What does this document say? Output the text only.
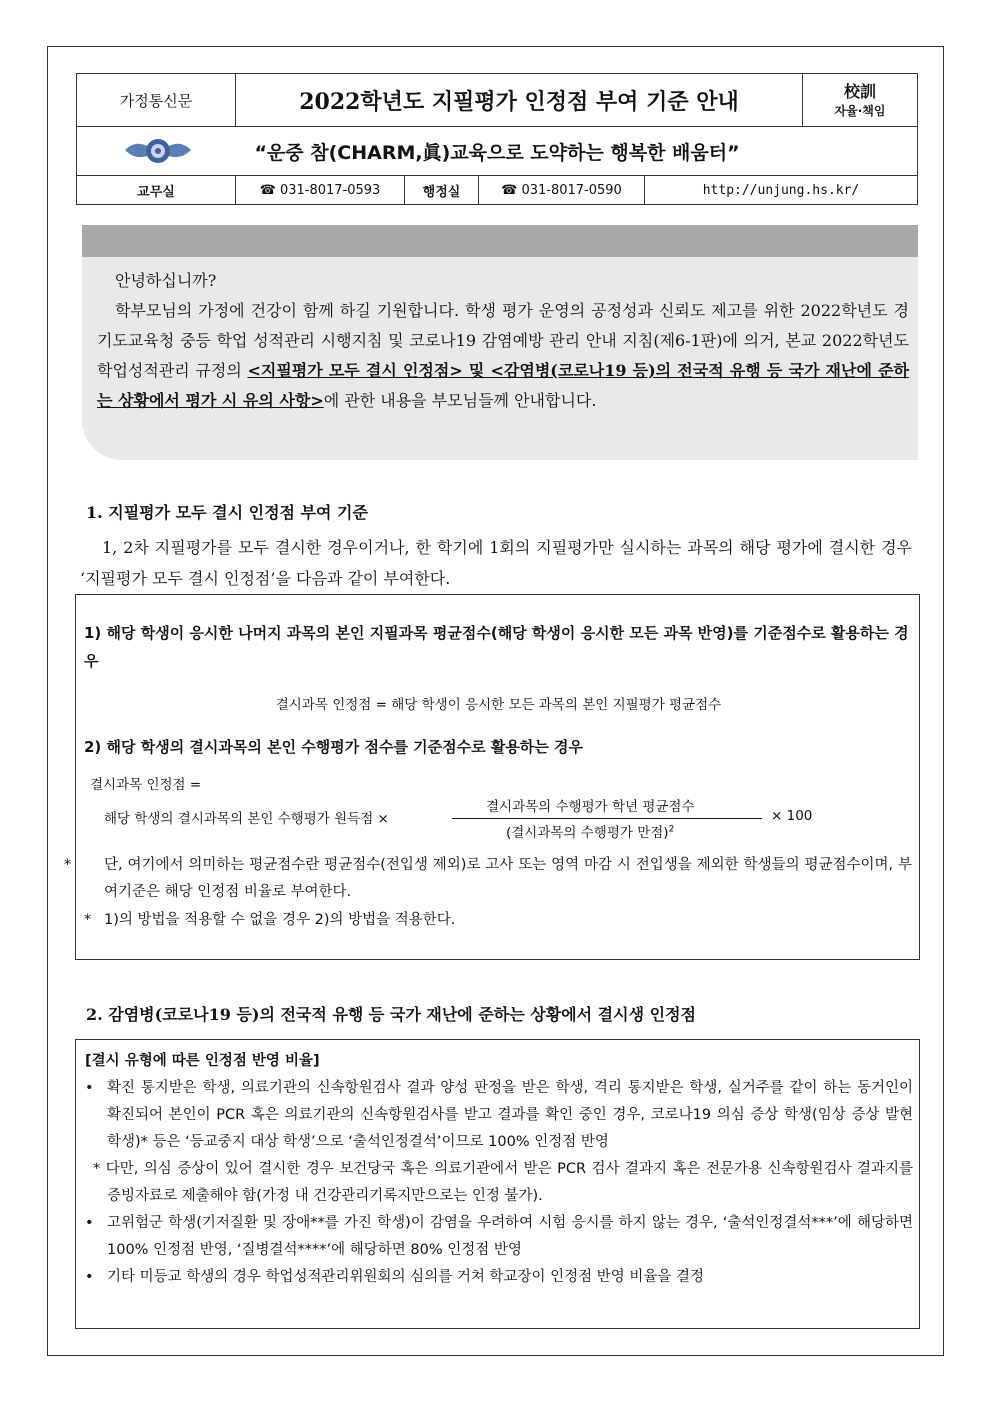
가정통신문	2022학년도 지필평가 인정점 부여 기준 안내				校訓
자율·책임

“운중 참(CHARM,眞)교육으로 도약하는 행복한 배움터”					
교무실	☎ 031-8017-0593	행정실	☎ 031-8017-0590	http://unjung.hs.kr/	

안녕하십니까?

학부모님의 가정에 건강이 함께 하길 기원합니다. 학생 평가 운영의 공정성과 신뢰도 제고를 위한 2022학년도 경기도교육청 중등 학업 성적관리 시행지침 및 코로나19 감염예방 관리 안내 지침(제6-1판)에 의거, 본교 2022학년도 학업성적관리 규정의 <지필평가 모두 결시 인정점> 및 <감염병(코로나19 등)의 전국적 유행 등 국가 재난에 준하는 상황에서 평가 시 유의 사항>에 관한 내용을 부모님들께 안내합니다.

1. 지필평가 모두 결시 인정점 부여 기준

1, 2차 지필평가를 모두 결시한 경우이거나, 한 학기에 1회의 지필평가만 실시하는 과목의 해당 평가에 결시한 경우 ‘지필평가 모두 결시 인정점’을 다음과 같이 부여한다.

1) 해당 학생이 응시한 나머지 과목의 본인 지필과목 평균점수(해당 학생이 응시한 모든 과목 반영)를 기준점수로 활용하는 경우
결시과목 인정점 = 해당 학생이 응시한 모든 과목의 본인 지필평가 평균점수
2) 해당 학생의 결시과목의 본인 수행평가 점수를 기준점수로 활용하는 경우
결시과목 인정점 =
해당 학생의 결시과목의 본인 수행평가 원득점 ×
결시과목의 수행평가 학년 평균점수
(결시과목의 수행평가 만점)$^2$
× 100
* 단, 여기에서 의미하는 평균점수란 평균점수(전입생 제외)로 고사 또는 영역 마감 시 전입생을 제외한 학생들의 평균점수이며, 부여기준은 해당 인정점 비율로 부여한다.
* 1)의 방법을 적용할 수 없을 경우 2)의 방법을 적용한다.
2. 감염병(코로나19 등)의 전국적 유행 등 국가 재난에 준하는 상황에서 결시생 인정점

[결시 유형에 따른 인정점 반영 비율]

• 확진 통지받은 학생, 의료기관의 신속항원검사 결과 양성 판정을 받은 학생, 격리 통지받은 학생, 실거주를 같이 하는 동거인이 확진되어 본인이 PCR 혹은 의료기관의 신속항원검사를 받고 결과를 확인 중인 경우, 코로나19 의심 증상 학생(임상 증상 발현 학생)* 등은 ‘등교중지 대상 학생’으로 ‘출석인정결석’이므로 100% 인정점 반영

* 다만, 의심 증상이 있어 결시한 경우 보건당국 혹은 의료기관에서 받은 PCR 검사 결과지 혹은 전문가용 신속항원검사 결과지를 증빙자료로 제출해야 함(가정 내 건강관리기록지만으로는 인정 불가).

• 고위험군 학생(기저질환 및 장애**를 가진 학생)이 감염을 우려하여 시험 응시를 하지 않는 경우, ‘출석인정결석***’에 해당하면 100% 인정점 반영, ‘질병결석****’에 해당하면 80% 인정점 반영

• 기타 미등교 학생의 경우 학업성적관리위원회의 심의를 거쳐 학교장이 인정점 반영 비율을 결정
